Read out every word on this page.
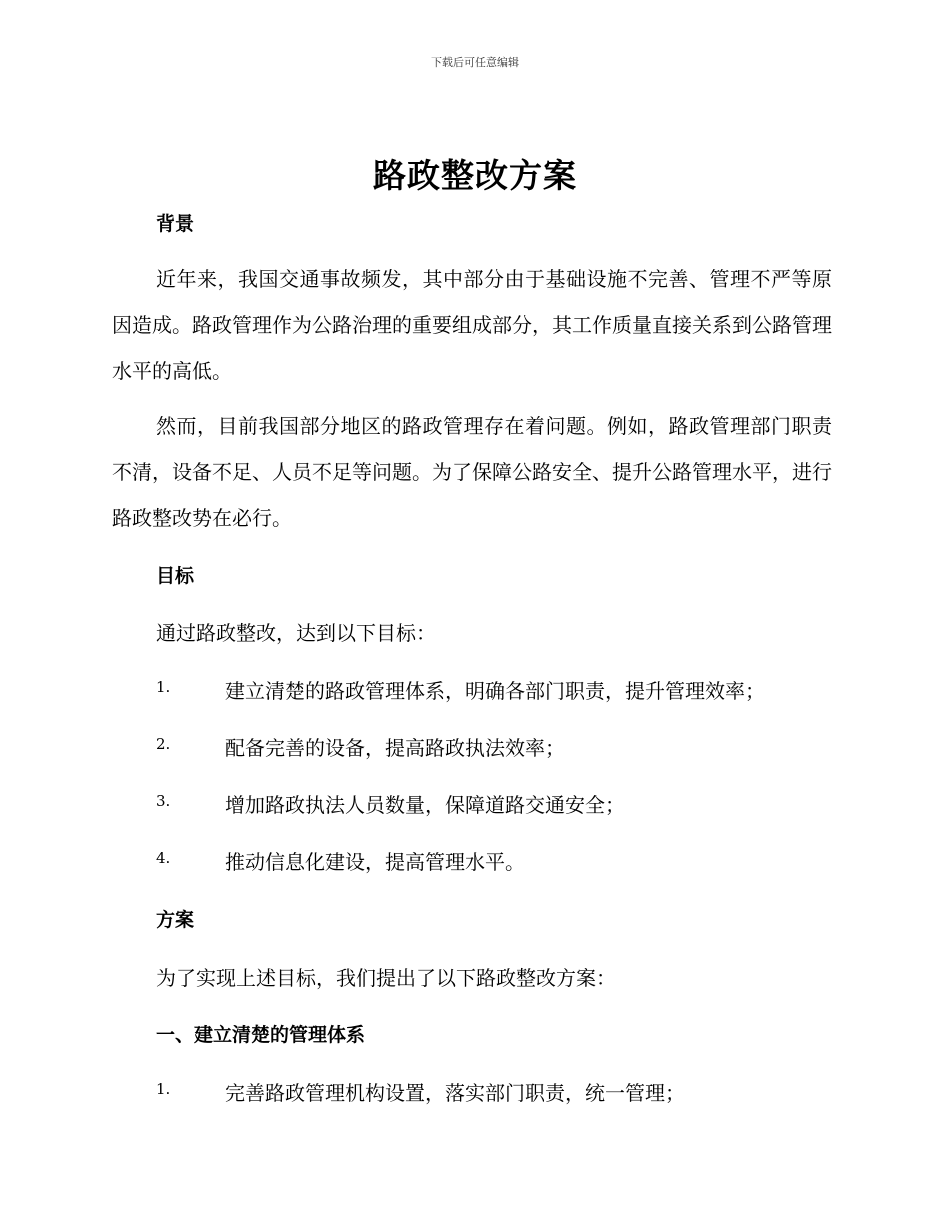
下载后可任意编辑
路政整改方案
背景
近年来，我国交通事故频发，其中部分由于基础设施不完善、管理不严等原因造成。路政管理作为公路治理的重要组成部分，其工作质量直接关系到公路管理水平的高低。
然而，目前我国部分地区的路政管理存在着问题。例如，路政管理部门职责不清，设备不足、人员不足等问题。为了保障公路安全、提升公路管理水平，进行路政整改势在必行。
目标
通过路政整改，达到以下目标：
1.	建立清楚的路政管理体系，明确各部门职责，提升管理效率；
2.	配备完善的设备，提高路政执法效率；
3.	增加路政执法人员数量，保障道路交通安全；
4.	推动信息化建设，提高管理水平。
方案
为了实现上述目标，我们提出了以下路政整改方案：
一、建立清楚的管理体系
1.	完善路政管理机构设置，落实部门职责，统一管理；
